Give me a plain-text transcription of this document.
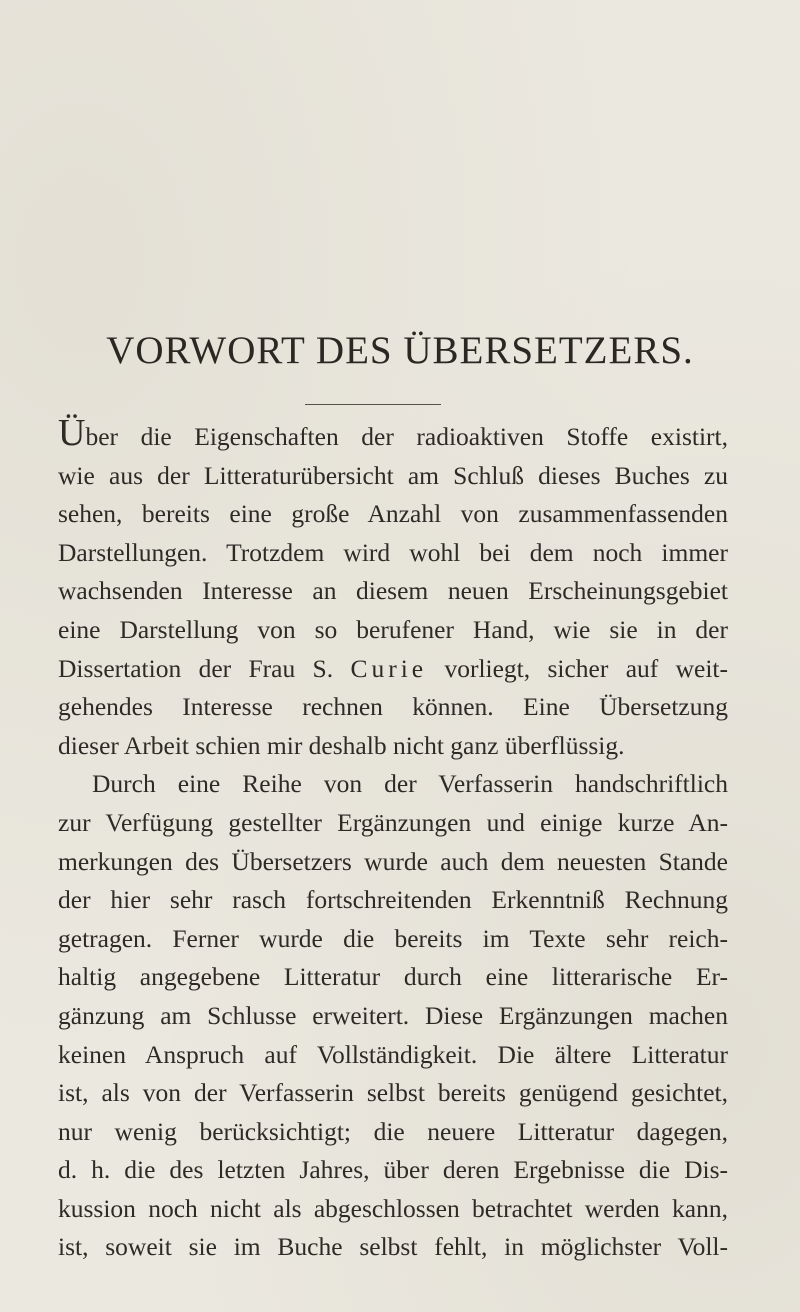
VORWORT DES ÜBERSETZERS.
Über die Eigenschaften der radioaktiven Stoffe existirt,
wie aus der Litteraturübersicht am Schluß dieses Buches zu
sehen, bereits eine große Anzahl von zusammenfassenden
Darstellungen. Trotzdem wird wohl bei dem noch immer
wachsenden Interesse an diesem neuen Erscheinungsgebiet
eine Darstellung von so berufener Hand, wie sie in der
Dissertation der Frau S. Curie vorliegt, sicher auf weit-
gehendes Interesse rechnen können. Eine Übersetzung
dieser Arbeit schien mir deshalb nicht ganz überflüssig.
Durch eine Reihe von der Verfasserin handschriftlich
zur Verfügung gestellter Ergänzungen und einige kurze An-
merkungen des Übersetzers wurde auch dem neuesten Stande
der hier sehr rasch fortschreitenden Erkenntniß Rechnung
getragen. Ferner wurde die bereits im Texte sehr reich-
haltig angegebene Litteratur durch eine litterarische Er-
gänzung am Schlusse erweitert. Diese Ergänzungen machen
keinen Anspruch auf Vollständigkeit. Die ältere Litteratur
ist, als von der Verfasserin selbst bereits genügend gesichtet,
nur wenig berücksichtigt; die neuere Litteratur dagegen,
d. h. die des letzten Jahres, über deren Ergebnisse die Dis-
kussion noch nicht als abgeschlossen betrachtet werden kann,
ist, soweit sie im Buche selbst fehlt, in möglichster Voll-
